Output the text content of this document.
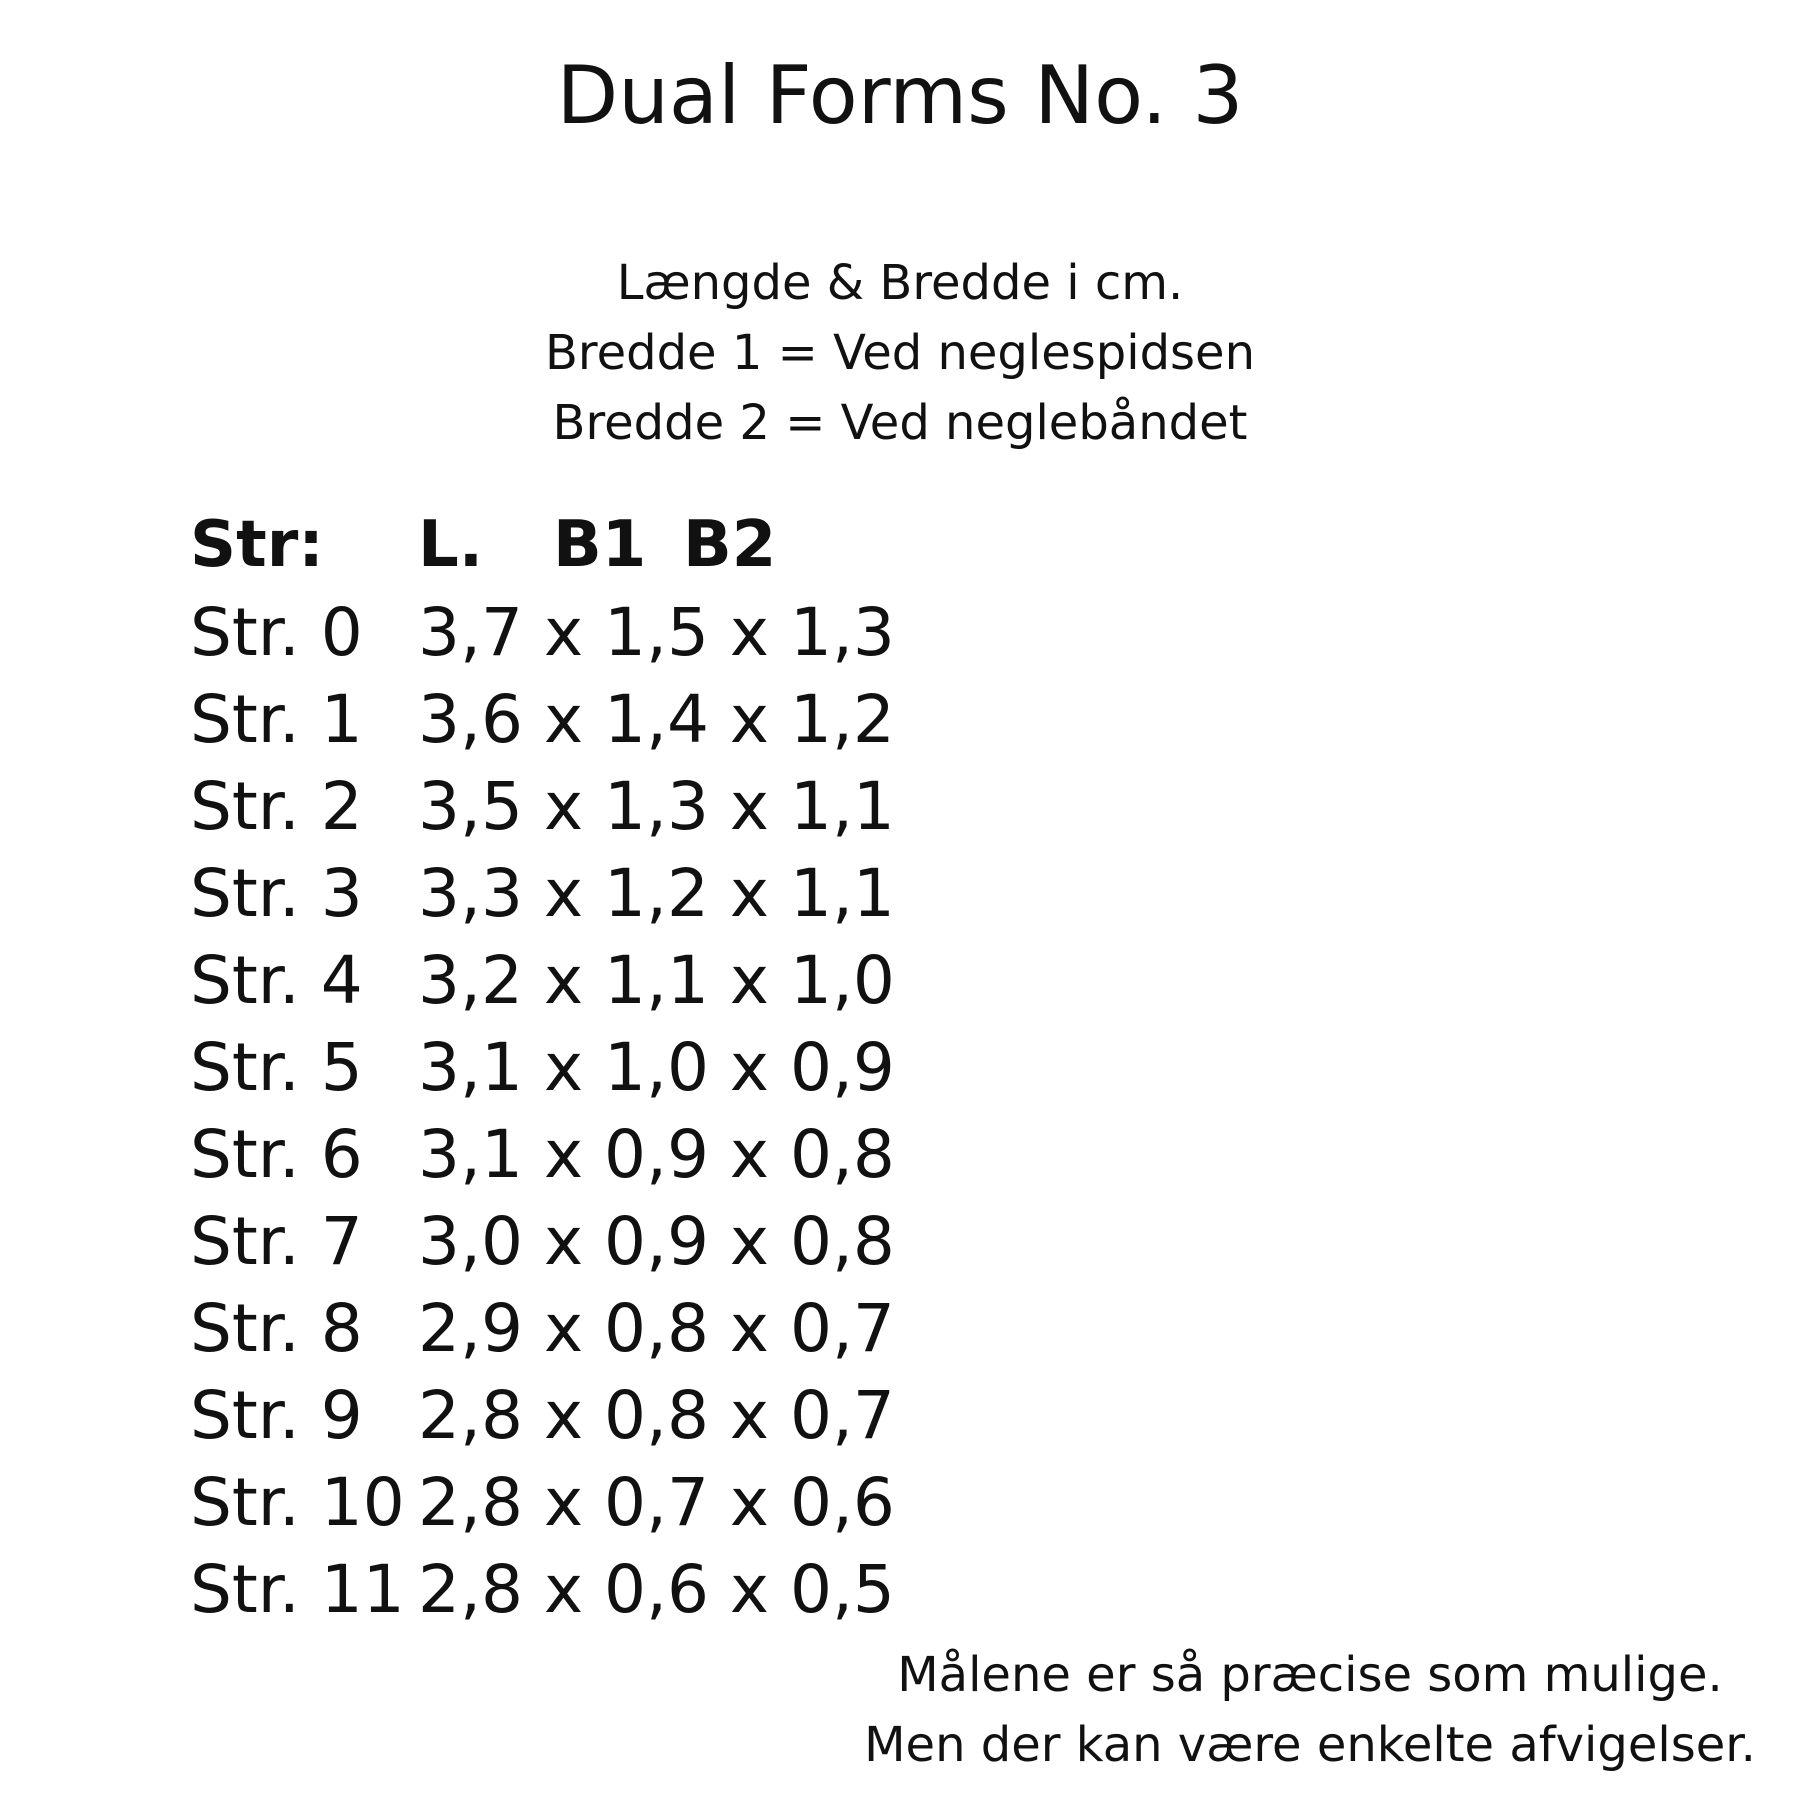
Dual Forms No. 3
Længde & Bredde i cm.
Bredde 1 = Ved neglespidsen
Bredde 2 = Ved neglebåndet
Str: L. B1 B2
Str. 0 3,7 x 1,5 x 1,3
Str. 1 3,6 x 1,4 x 1,2
Str. 2 3,5 x 1,3 x 1,1
Str. 3 3,3 x 1,2 x 1,1
Str. 4 3,2 x 1,1 x 1,0
Str. 5 3,1 x 1,0 x 0,9
Str. 6 3,1 x 0,9 x 0,8
Str. 7 3,0 x 0,9 x 0,8
Str. 8 2,9 x 0,8 x 0,7
Str. 9 2,8 x 0,8 x 0,7
Str. 10 2,8 x 0,7 x 0,6
Str. 11 2,8 x 0,6 x 0,5
Målene er så præcise som mulige.
Men der kan være enkelte afvigelser.
